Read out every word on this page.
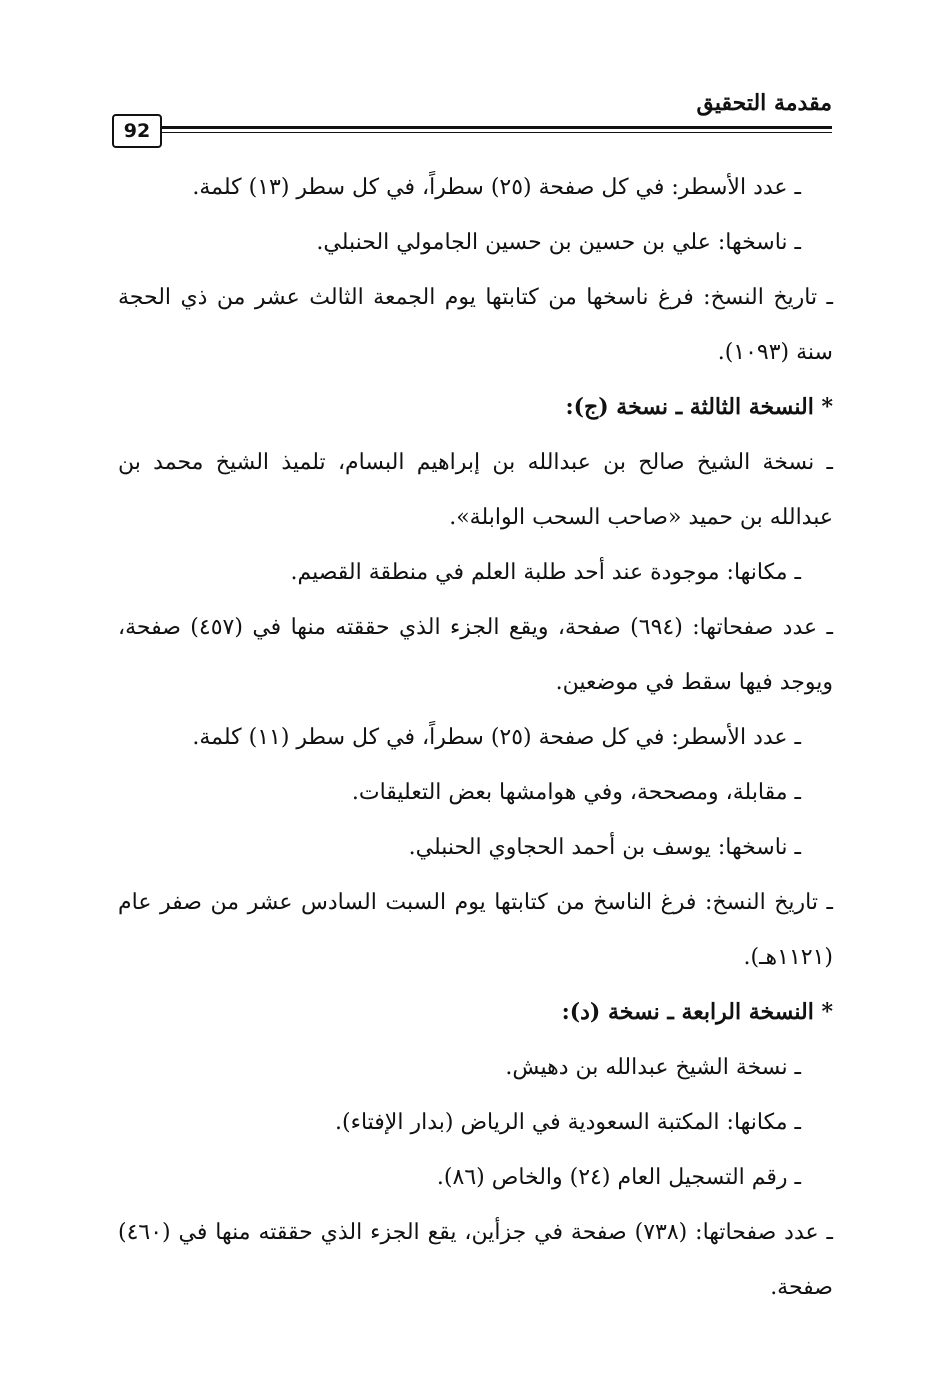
مقدمة التحقيق
92

ـ عدد الأسطر: في كل صفحة (٢٥) سطراً، في كل سطر (١٣) كلمة.

ـ ناسخها: علي بن حسين بن حسين الجامولي الحنبلي.

ـ تاريخ النسخ: فرغ ناسخها من كتابتها يوم الجمعة الثالث عشر من ذي الحجة سنة (١٠٩٣).

* النسخة الثالثة ـ نسخة (ج):

ـ نسخة الشيخ صالح بن عبدالله بن إبراهيم البسام، تلميذ الشيخ محمد بن عبدالله بن حميد «صاحب السحب الوابلة».

ـ مكانها: موجودة عند أحد طلبة العلم في منطقة القصيم.

ـ عدد صفحاتها: (٦٩٤) صفحة، ويقع الجزء الذي حققته منها في (٤٥٧) صفحة، ويوجد فيها سقط في موضعين.

ـ عدد الأسطر: في كل صفحة (٢٥) سطراً، في كل سطر (١١) كلمة.

ـ مقابلة، ومصححة، وفي هوامشها بعض التعليقات.

ـ ناسخها: يوسف بن أحمد الحجاوي الحنبلي.

ـ تاريخ النسخ: فرغ الناسخ من كتابتها يوم السبت السادس عشر من صفر عام (١١٢١هـ).

* النسخة الرابعة ـ نسخة (د):

ـ نسخة الشيخ عبدالله بن دهيش.

ـ مكانها: المكتبة السعودية في الرياض (بدار الإفتاء).

ـ رقم التسجيل العام (٢٤) والخاص (٨٦).

ـ عدد صفحاتها: (٧٣٨) صفحة في جزأين، يقع الجزء الذي حققته منها في (٤٦٠) صفحة.
